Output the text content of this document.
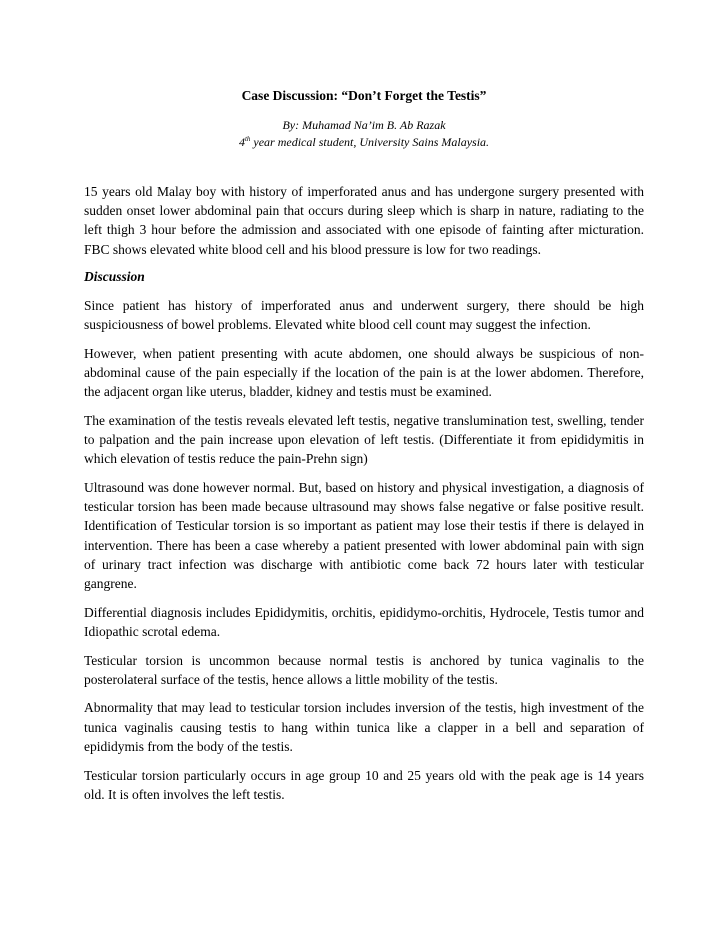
Case Discussion: “Don’t Forget the Testis”
By: Muhamad Na’im B. Ab Razak
4th year medical student, University Sains Malaysia.

15 years old Malay boy with history of imperforated anus and has undergone surgery presented with sudden onset lower abdominal pain that occurs during sleep which is sharp in nature, radiating to the left thigh 3 hour before the admission and associated with one episode of fainting after micturation. FBC shows elevated white blood cell and his blood pressure is low for two readings.

Discussion

Since patient has history of imperforated anus and underwent surgery, there should be high suspiciousness of bowel problems. Elevated white blood cell count may suggest the infection.

However, when patient presenting with acute abdomen, one should always be suspicious of non-abdominal cause of the pain especially if the location of the pain is at the lower abdomen. Therefore, the adjacent organ like uterus, bladder, kidney and testis must be examined.

The examination of the testis reveals elevated left testis, negative translumination test, swelling, tender to palpation and the pain increase upon elevation of left testis. (Differentiate it from epididymitis in which elevation of testis reduce the pain-Prehn sign)

Ultrasound was done however normal. But, based on history and physical investigation, a diagnosis of testicular torsion has been made because ultrasound may shows false negative or false positive result. Identification of Testicular torsion is so important as patient may lose their testis if there is delayed in intervention. There has been a case whereby a patient presented with lower abdominal pain with sign of urinary tract infection was discharge with antibiotic come back 72 hours later with testicular gangrene.

Differential diagnosis includes Epididymitis, orchitis, epididymo-orchitis, Hydrocele, Testis tumor and Idiopathic scrotal edema.

Testicular torsion is uncommon because normal testis is anchored by tunica vaginalis to the posterolateral surface of the testis, hence allows a little mobility of the testis.

Abnormality that may lead to testicular torsion includes inversion of the testis, high investment of the tunica vaginalis causing testis to hang within tunica like a clapper in a bell and separation of epididymis from the body of the testis.

Testicular torsion particularly occurs in age group 10 and 25 years old with the peak age is 14 years old. It is often involves the left testis.
